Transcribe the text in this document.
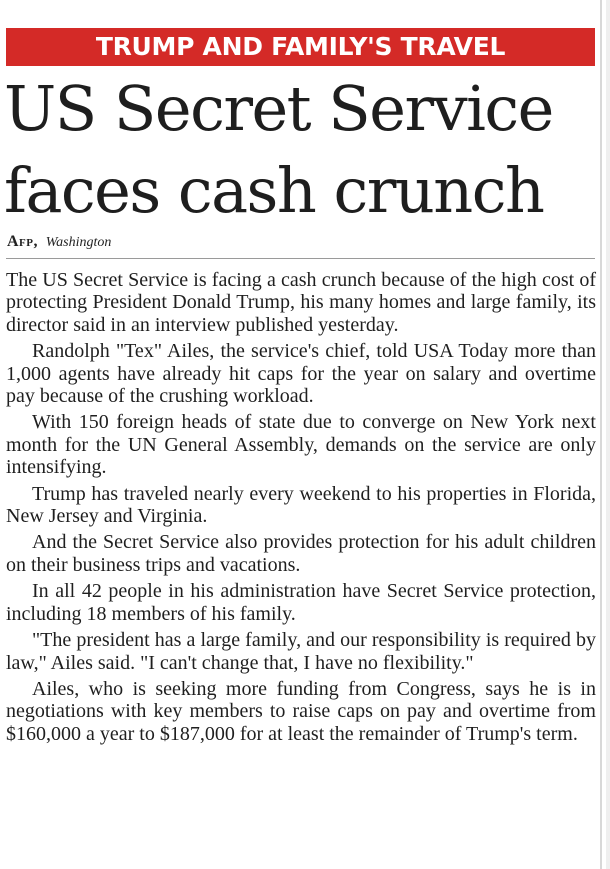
TRUMP AND FAMILY'S TRAVEL
US Secret Service
faces cash crunch
Afp, Washington

The US Secret Service is facing a cash crunch because of the high cost of protecting President Donald Trump, his many homes and large family, its director said in an interview published yesterday.

Randolph "Tex" Ailes, the service's chief, told USA Today more than 1,000 agents have already hit caps for the year on salary and overtime pay because of the crushing workload.

With 150 foreign heads of state due to converge on New York next month for the UN General Assembly, demands on the service are only intensifying.

Trump has traveled nearly every weekend to his properties in Florida, New Jersey and Virginia.

And the Secret Service also provides protection for his adult children on their business trips and vacations.

In all 42 people in his administration have Secret Service protection, including 18 members of his family.

"The president has a large family, and our responsibility is required by law," Ailes said. "I can't change that, I have no flexibility."

Ailes, who is seeking more funding from Congress, says he is in negotiations with key members to raise caps on pay and overtime from $160,000 a year to $187,000 for at least the remainder of Trump's term.
